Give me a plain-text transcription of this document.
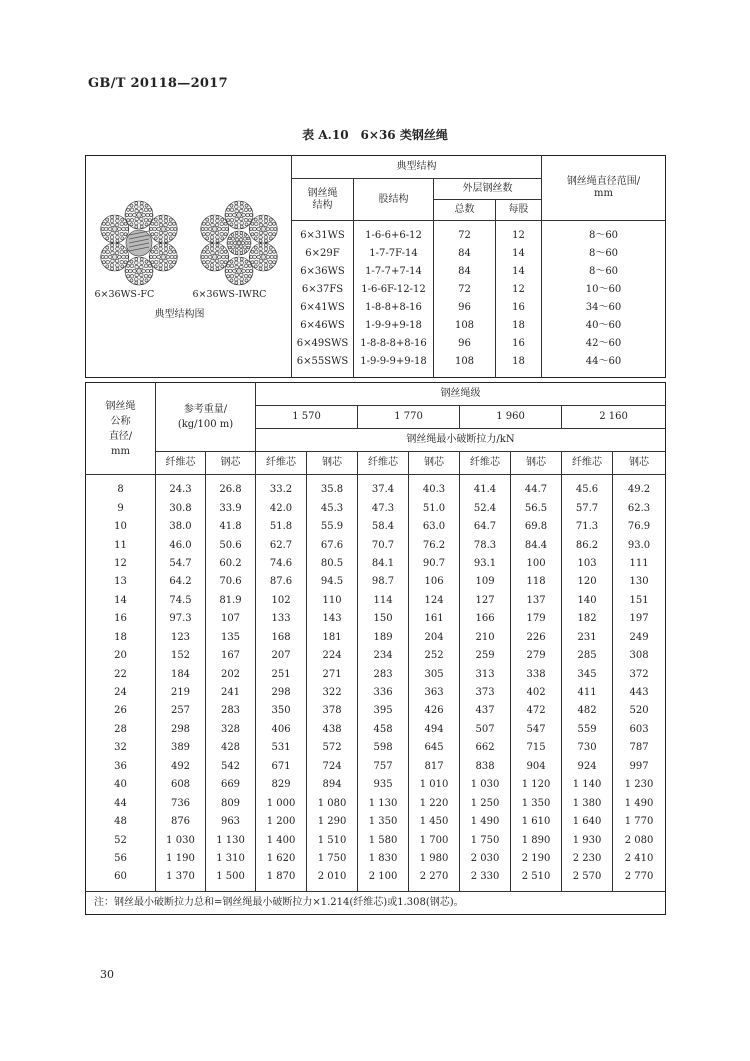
GB/T 20118—2017
表 A.10　6×36 类钢丝绳
6×36WS-FC 6×36WS-IWRC
典型结构图	典型结构				钢丝绳直径范围/
mm
	钢丝绳
结构	股结构	外层钢丝数		
			总数	每股	
	6×31WS	1-6-6+6-12	72	12	8～60
	6×29F	1-7-7F-14	84	14	8～60
	6×36WS	1-7-7+7-14	84	14	8～60
	6×37FS	1-6-6F-12-12	72	12	10～60
	6×41WS	1-8-8+8-16	96	16	34～60
	6×46WS	1-9-9+9-18	108	18	40～60
	6×49SWS	1-8-8-8+8-16	96	16	42～60
	6×55SWS	1-9-9-9+9-18	108	18	44～60
钢丝绳
公称
直径/
mm	参考重量/
(kg/100 m)		钢丝绳级							
			1 570		1 770		1 960		2 160	
			钢丝绳最小破断拉力/kN							
	纤维芯	钢芯	纤维芯	钢芯	纤维芯	钢芯	纤维芯	钢芯	纤维芯	钢芯
8	24.3	26.8	33.2	35.8	37.4	40.3	41.4	44.7	45.6	49.2
9	30.8	33.9	42.0	45.3	47.3	51.0	52.4	56.5	57.7	62.3
10	38.0	41.8	51.8	55.9	58.4	63.0	64.7	69.8	71.3	76.9
11	46.0	50.6	62.7	67.6	70.7	76.2	78.3	84.4	86.2	93.0
12	54.7	60.2	74.6	80.5	84.1	90.7	93.1	100	103	111
13	64.2	70.6	87.6	94.5	98.7	106	109	118	120	130
14	74.5	81.9	102	110	114	124	127	137	140	151
16	97.3	107	133	143	150	161	166	179	182	197
18	123	135	168	181	189	204	210	226	231	249
20	152	167	207	224	234	252	259	279	285	308
22	184	202	251	271	283	305	313	338	345	372
24	219	241	298	322	336	363	373	402	411	443
26	257	283	350	378	395	426	437	472	482	520
28	298	328	406	438	458	494	507	547	559	603
32	389	428	531	572	598	645	662	715	730	787
36	492	542	671	724	757	817	838	904	924	997
40	608	669	829	894	935	1 010	1 030	1 120	1 140	1 230
44	736	809	1 000	1 080	1 130	1 220	1 250	1 350	1 380	1 490
48	876	963	1 200	1 290	1 350	1 450	1 490	1 610	1 640	1 770
52	1 030	1 130	1 400	1 510	1 580	1 700	1 750	1 890	1 930	2 080
56	1 190	1 310	1 620	1 750	1 830	1 980	2 030	2 190	2 230	2 410
60	1 370	1 500	1 870	2 010	2 100	2 270	2 330	2 510	2 570	2 770
注：钢丝最小破断拉力总和=钢丝绳最小破断拉力×1.214(纤维芯)或1.308(钢芯)。										
30
